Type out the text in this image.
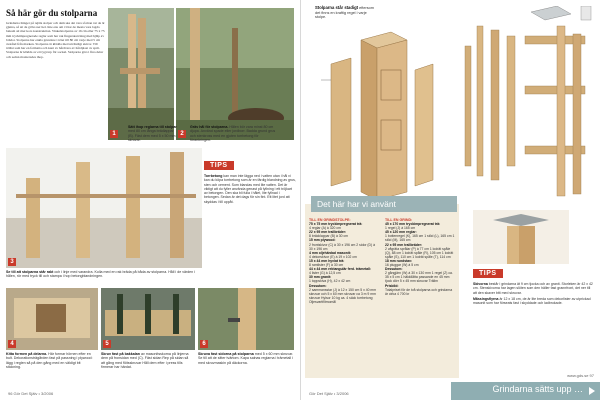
Så här gör du stolparna

Grindarna hänger på rejäla stolpar och dem ska det vara så man vet de är gjutna, så att de grävs ner hel. Inte ens om vi har de mesta vara lagda bakom att mer kors konstruktion. Vinkelstolparna av 16 cm eller 75 x 75 mm tryckimpregnerade reglar som har rak fingerskarvning med hjälp av brädor. Stolparna har enkla grundare i träet till 80 cm varje med 5 cm avstånd från marken. Stolparna är klädda med utvändigt skivor. Till trälist som har en fotmatta och kant av hårdvara av hårdplast av sprit. Stolparna är klädda av ett tygvarp för sockel. Stolparna görs i fina delar och sedan monterades ihop.

1	2
Sätt ihop reglarna till stolpar med 80 cm långa brädlappar (B). Fäst dem med 5 x 50 mm skruvar.
Gräv hål för stolparna. Hålen bör vara minst 80 cm djupa. Använd spade eller jordborr. Badda grund grus och stenkross med en gjuten torrbetong för förankringen.
3
Se till att stolparna står rakt och i linje med varandra. Kolla med en rak bräda på båda av stolparna. Håll i de värden i hålen, rör med tryck till och stampa i hop betongblandningen.
TIPS
Torrbetong kan man inte lägga ned i vatten utan i hål vi kan du köpa torrbetong som är en färdig blandning av grus, sten och cement. Som blandas med lite vatten. Det är viktigt att du fyller använda genast på fyllning i ett tröjkart av betongen. Den ska bli fulla i hålet, lite fyllnad i betongen. Sedan är det dags för sin fint. Ett litet jord att skyddas i till uppåt.
4	5	6
Kitta formen på delarna. Här formar hörnen efter en bult. Dekorationsträgården fast på passning i plywood: lägg i reglen så på den gång med en väldigt bit stickning.
Skruv fast på bakkalan av masonitsskorna på linjerna dem på fronsidan med (C). Fäst sidan Rep på sidan så att gång med flötsskruvar Håll dem efter i press tills firmerar har härdat.
Skruva fast sidorna på stolparna med 5 x 60 mm skruvar. Se till att de sitter tvärtom. Kapa salnas reglarna i trämetall i med skruvmaskin på däckorna.
96 Gör Det Själv • 3/2006
Stolparna står stadigt eftersom det finns en kraftig regel i varje stolpe.
Det här har vi använt
TILL EN GRINDSTOLPE:
75 x 75 mm tryckimpregnerat trä:
4 reglar (A) à 320 cm
22 x 95 mm trallbräder:
8 bräcklappar (B) à 30 cm
15 mm plywood:
2 frontskivor (C) à 30 x 196 cm 2 sidor (D) à 30 x 196 cm
4 mm oljehärdad masonit:
4 dekorskivor (E) à 19 x 102 cm
15 x 44 mm hyvlat trä:
8 ramlister (F) à 30 cm
44 x 44 mm rektangulär ferd. trämetall:
4 lister (G) à 12,5 cm
30 mm granit:
1 toppskiva (H), 42 x 42 cm
Dessutom:
2 sammansstar (J) à 12 x 150 cm 5 x 40 mm skruvar och 5 x 60 mm skruvar ca 3 m 9 mm skruvar Hylsor 10 kg ca. 4 säck torrbetong Oljesvartfiltmomål
TILL EN GRIND:
45 x 170 mm tryckimpregnerat trä:
1 regel (J) à 165 cm
45 x 120 mm reglar:
1 bottenregel (K), 165 cm 1 stöd (L), 165 cm 1 stöd (M), 165 cm
22 x 95 mm trallbräder:
2 vågräta språlar (P) à 77 cm 1 lodrät spåle (Q), 88 cm 1 lodrät spåle (R), 105 cm 1 lodrät spåle (S), 110 cm 1 lodrät spåle (T), 114 cm
18 mm rundstav:
16 pluggar (W) à 5 cm
Dessutom:
2 gångjärn (W) à 30 x 130 mm 1 regel (Z) ca. 35 x 5 cm 1 häkkilåtta passande en 45 mm tjock dörr 5 x 45 mm skruvar Trälim
Prisbild:
Totalpriset för de två stolparna och grindarna är cirka 4 700 kr
TIPS
Skivorna består i grindarna ät 9 cm tjocka och av granit. Storleken är 42 x 42 cm. Stenskivorna har lagen slöten som den häller fast grannfront, det ner till att den skaver bitt med skruvar.
Måssingsflyrna är 12 x 18 cm, de är lite breda som dekorlister av utprickad masonit som har förseats fast i skyddade och ladbrokade.
Grindarna sätts upp …
Gör Det Själv • 3/2006
www.gds.se 97
